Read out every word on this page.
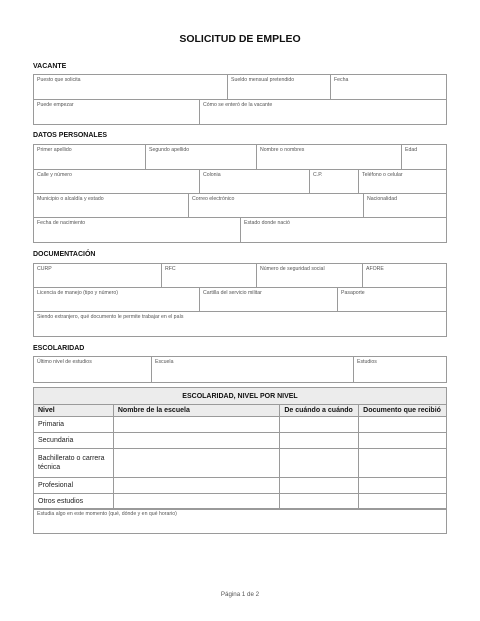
SOLICITUD DE EMPLEO
VACANTE
Puesto que solicita	Sueldo mensual pretendido	Fecha
Puede empezar	Cómo se enteró de la vacante
DATOS PERSONALES
Primer apellido	Segundo apellido	Nombre o nombres	Edad
Calle y número	Colonia	C.P.	Teléfono o celular
Municipio o alcaldía y estado	Correo electrónico	Nacionalidad
Fecha de nacimiento	Estado donde nació
DOCUMENTACIÓN
CURP	RFC	Número de seguridad social	AFORE
Licencia de manejo (tipo y número)	Cartilla del servicio militar	Pasaporte
Siendo extranjero, qué documento le permite trabajar en el país
ESCOLARIDAD
Último nivel de estudios	Escuela	Estudios
ESCOLARIDAD, NIVEL POR NIVEL			
Nivel	Nombre de la escuela	De cuándo a cuándo	Documento que recibió
Primaria			
Secundaria			
Bachillerato o carrera técnica			
Profesional			
Otros estudios			
Estudia algo en este momento (qué, dónde y en qué horario)
Página 1 de 2
